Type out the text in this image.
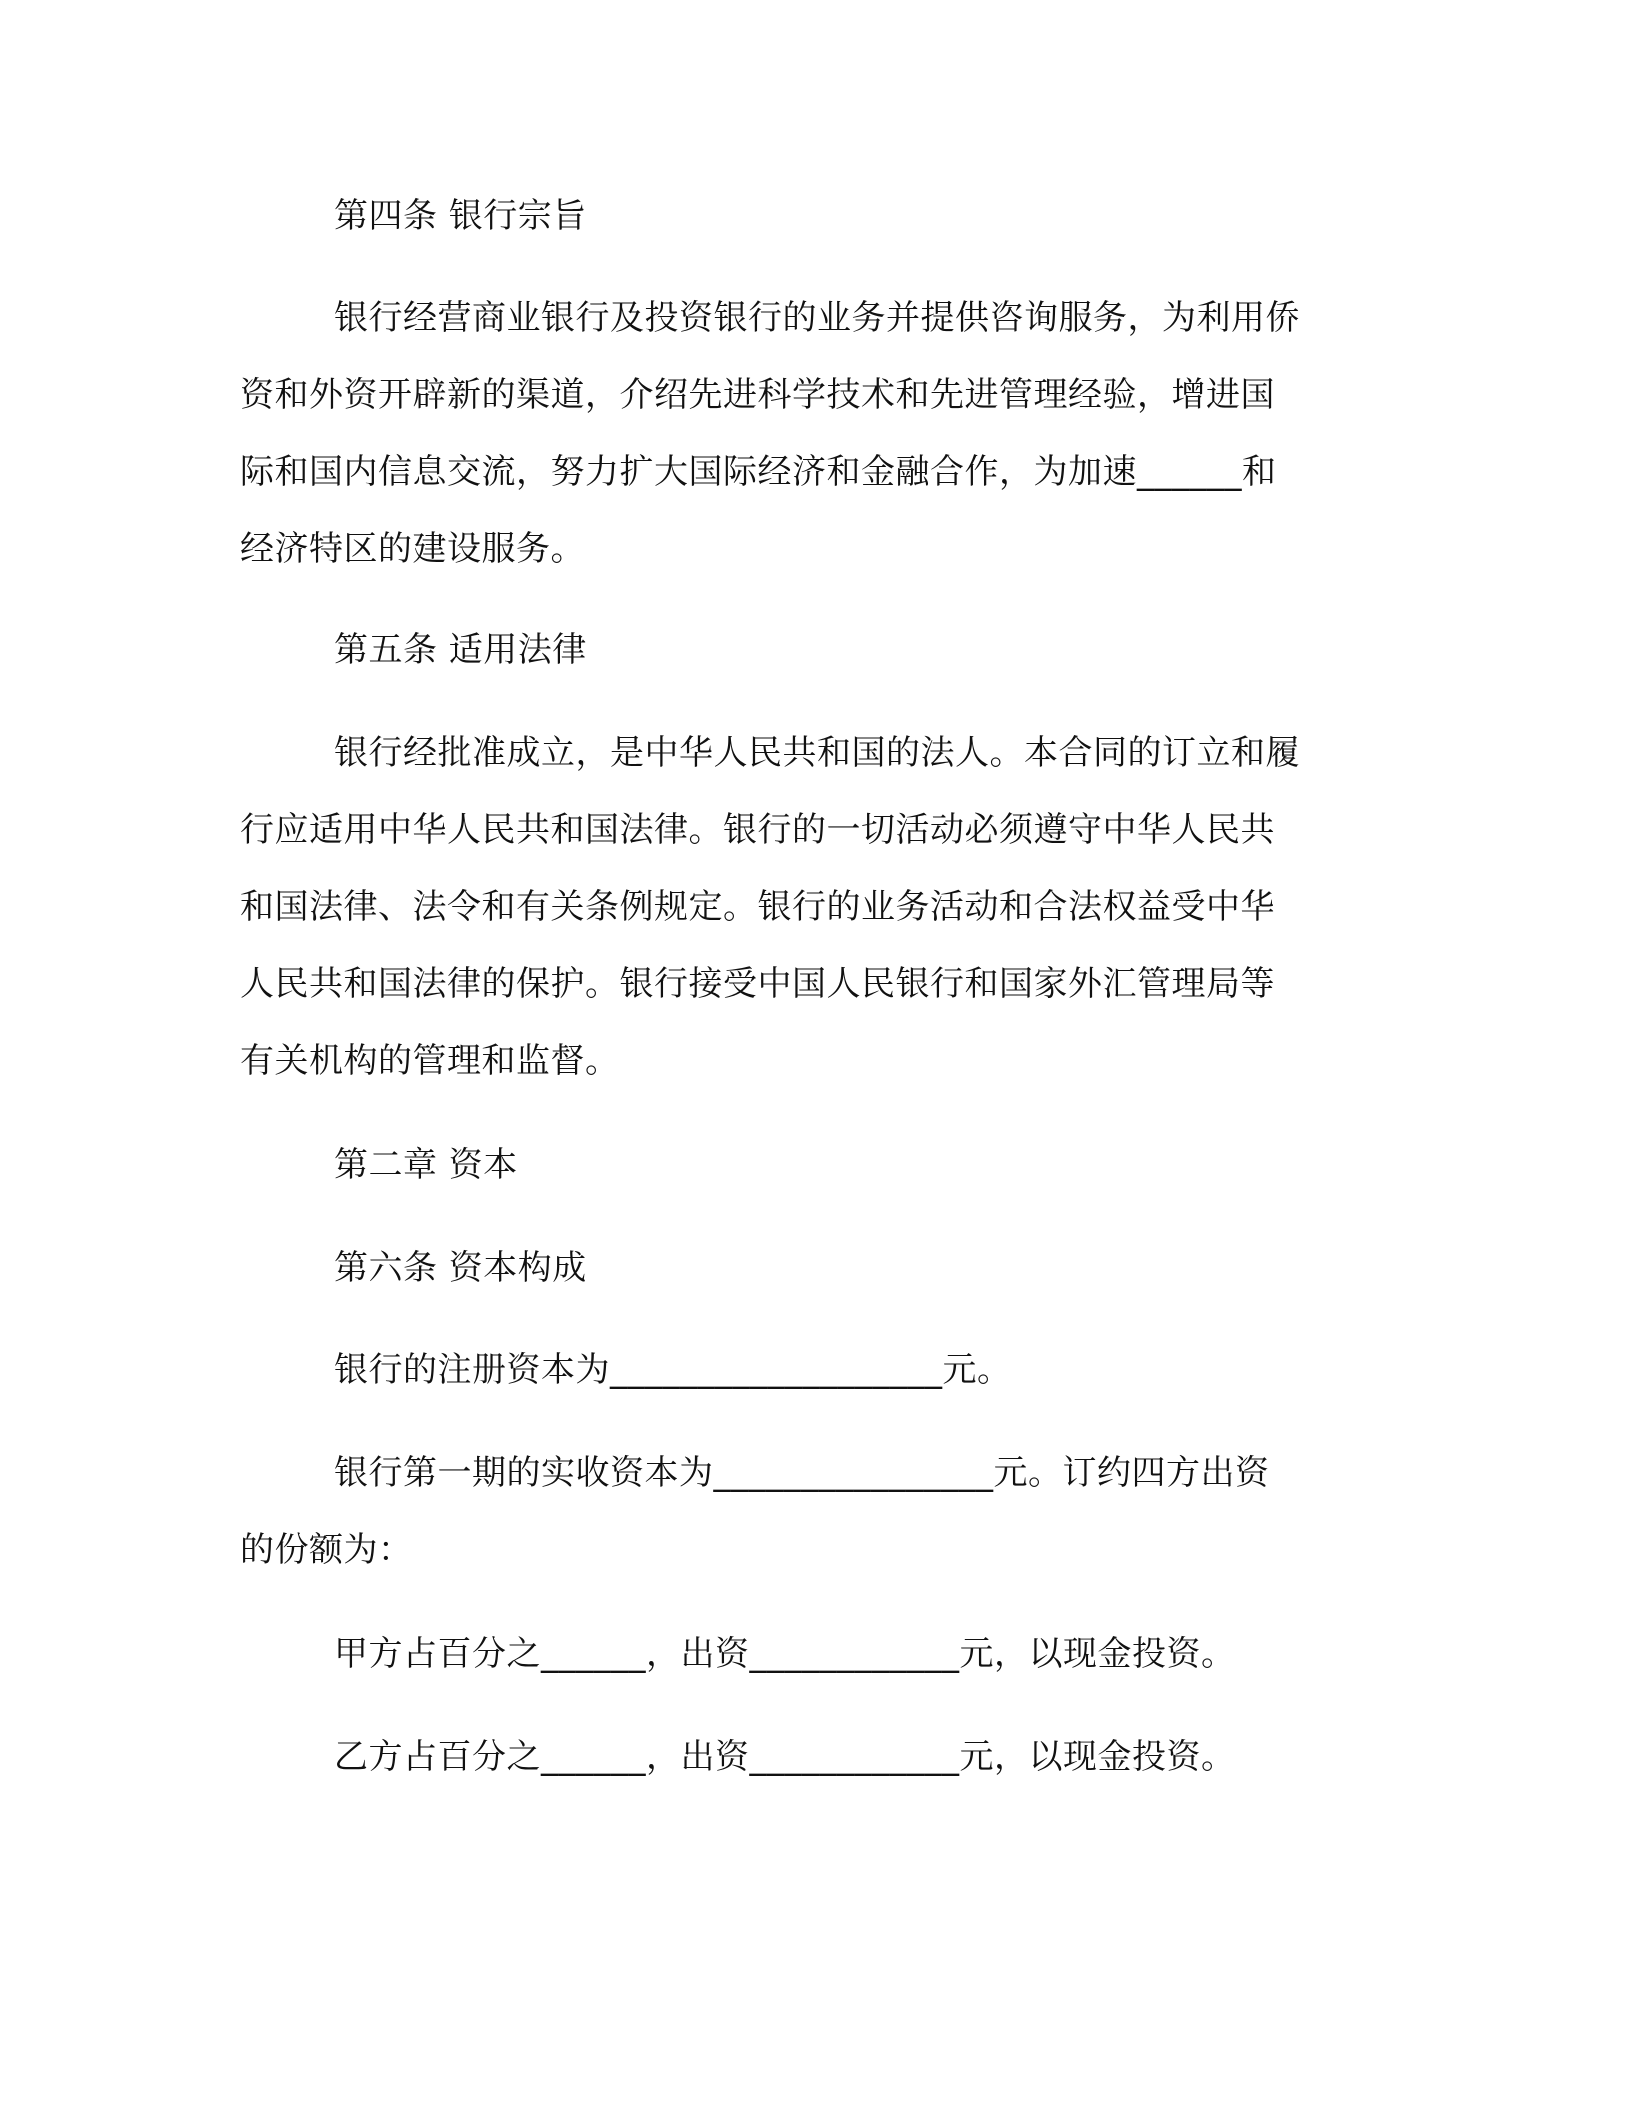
第四条 银行宗旨
银行经营商业银行及投资银行的业务并提供咨询服务，为利用侨
资和外资开辟新的渠道，介绍先进科学技术和先进管理经验，增进国
际和国内信息交流，努力扩大国际经济和金融合作，为加速______和
经济特区的建设服务。
第五条 适用法律
银行经批准成立，是中华人民共和国的法人。本合同的订立和履
行应适用中华人民共和国法律。银行的一切活动必须遵守中华人民共
和国法律、法令和有关条例规定。银行的业务活动和合法权益受中华
人民共和国法律的保护。银行接受中国人民银行和国家外汇管理局等
有关机构的管理和监督。
第二章 资本
第六条 资本构成
银行的注册资本为___________________元。
银行第一期的实收资本为________________元。订约四方出资
的份额为：
甲方占百分之______，出资____________元，以现金投资。
乙方占百分之______，出资____________元，以现金投资。
